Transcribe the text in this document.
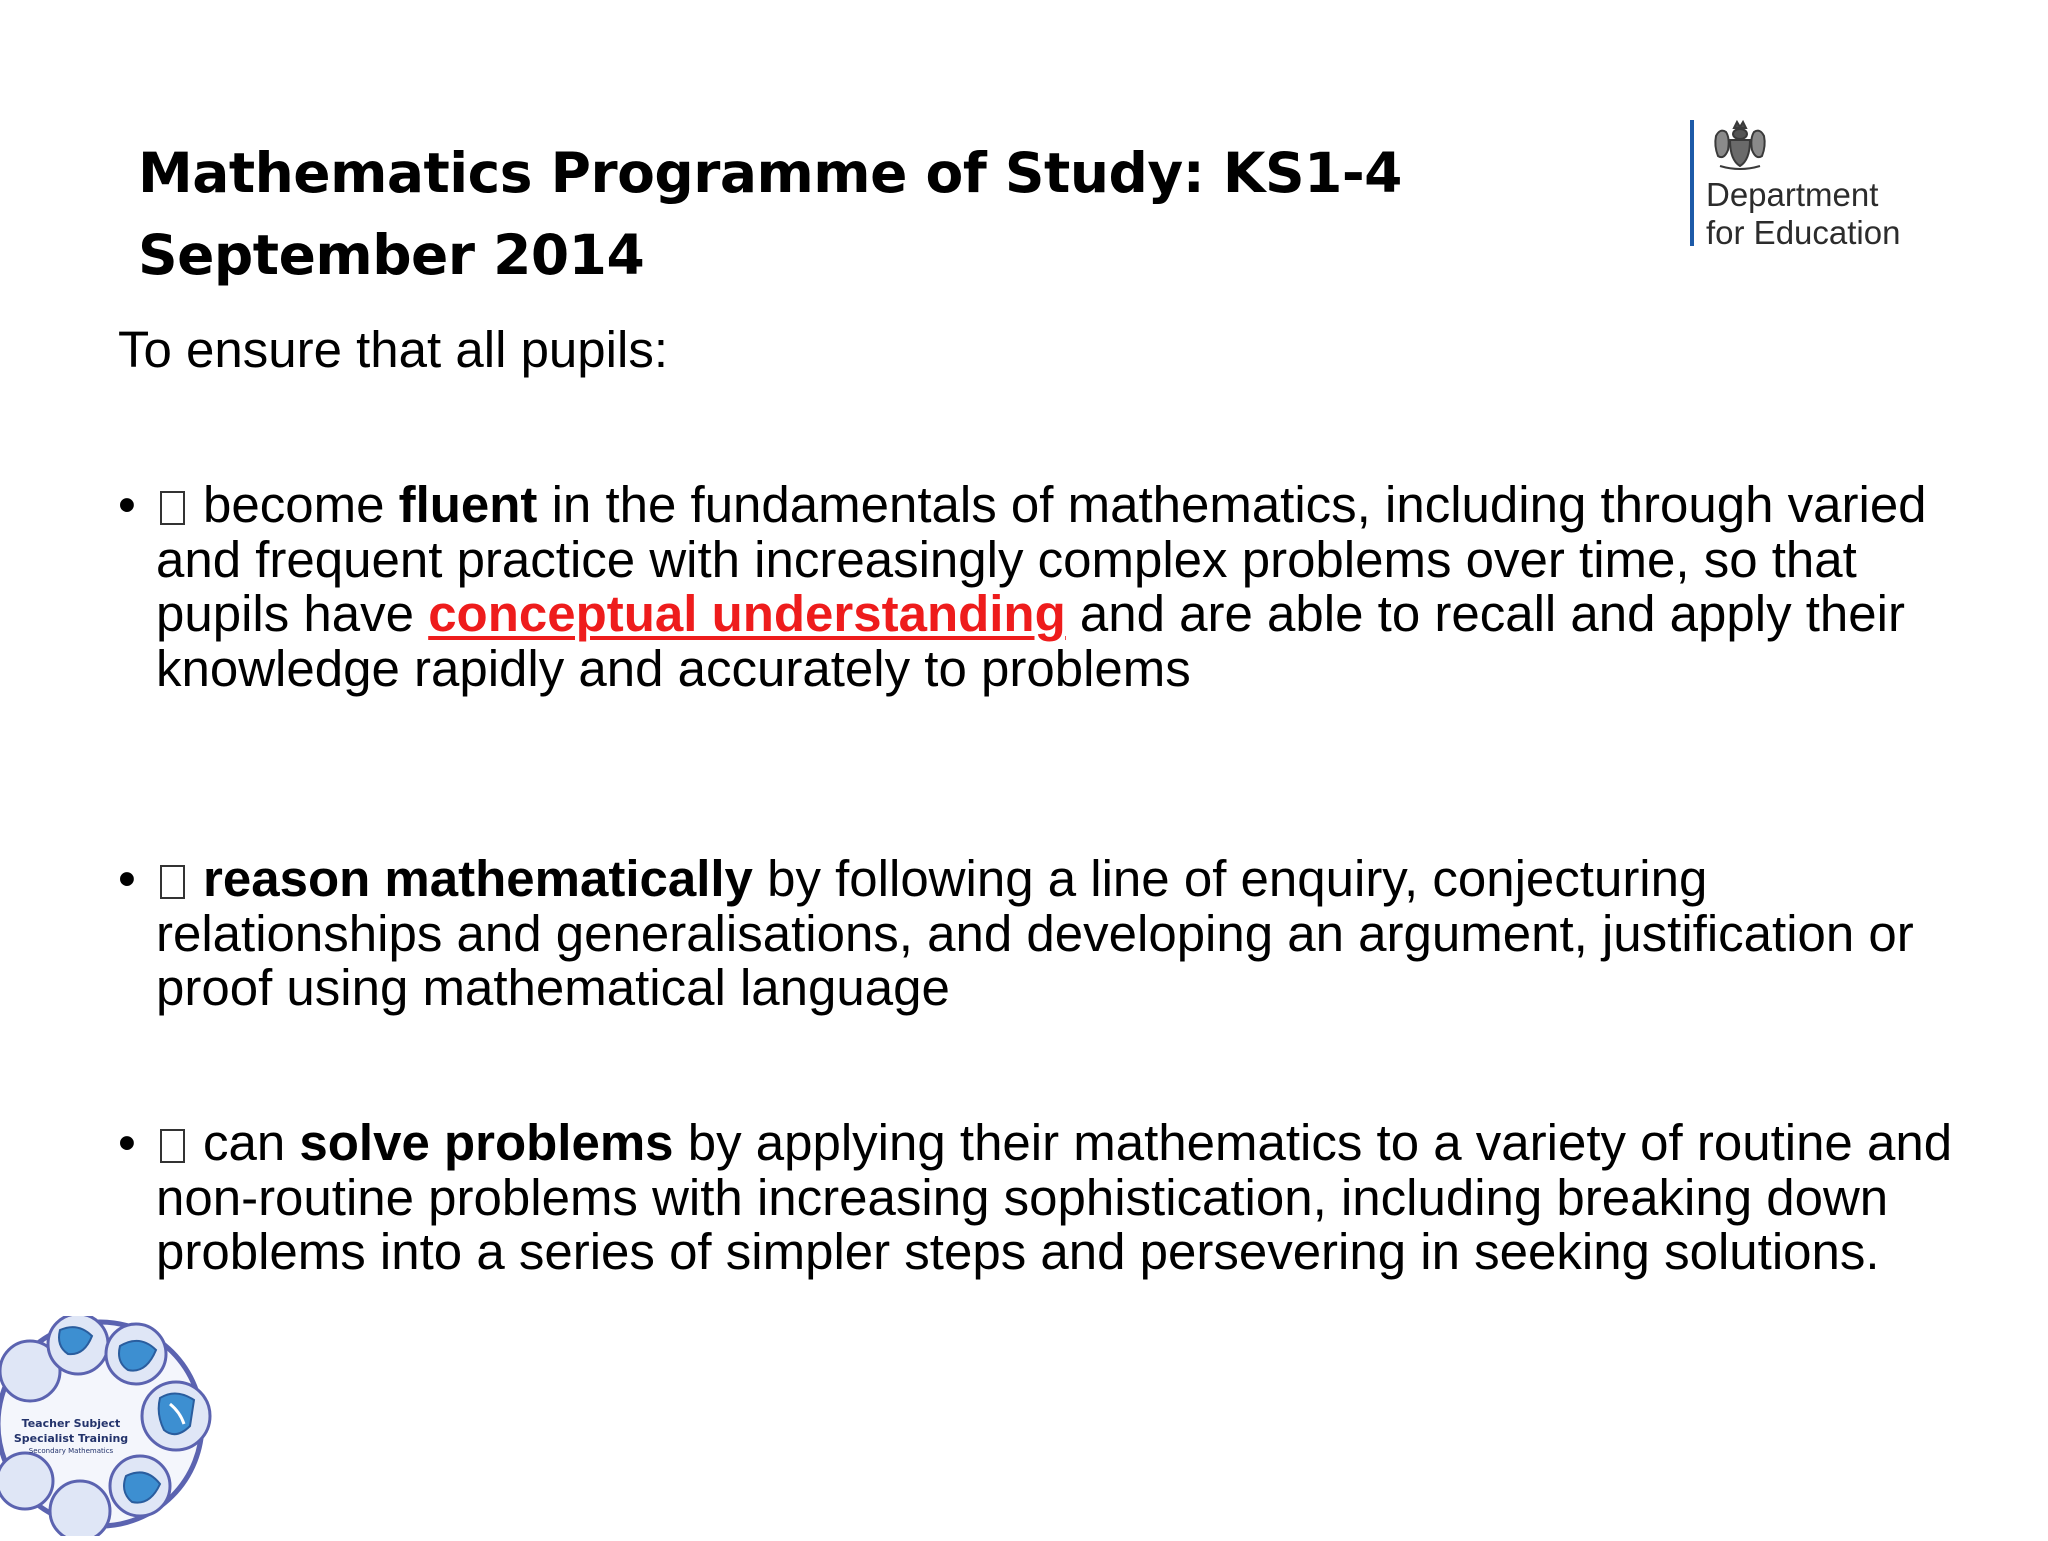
Mathematics Programme of Study: KS1-4
September 2014
Department
for Education
To ensure that all pupils:
•	become fluent in the fundamentals of mathematics, including through varied and frequent practice with increasingly complex problems over time, so that pupils have conceptual understanding and are able to recall and apply their knowledge rapidly and accurately to problems
•	reason mathematically by following a line of enquiry, conjecturing relationships and generalisations, and developing an argument, justification or proof using mathematical language
•	can solve problems by applying their mathematics to a variety of routine and non-routine problems with increasing sophistication, including breaking down problems into a series of simpler steps and persevering in seeking solutions.
Teacher Subject
Specialist Training
Secondary Mathematics
